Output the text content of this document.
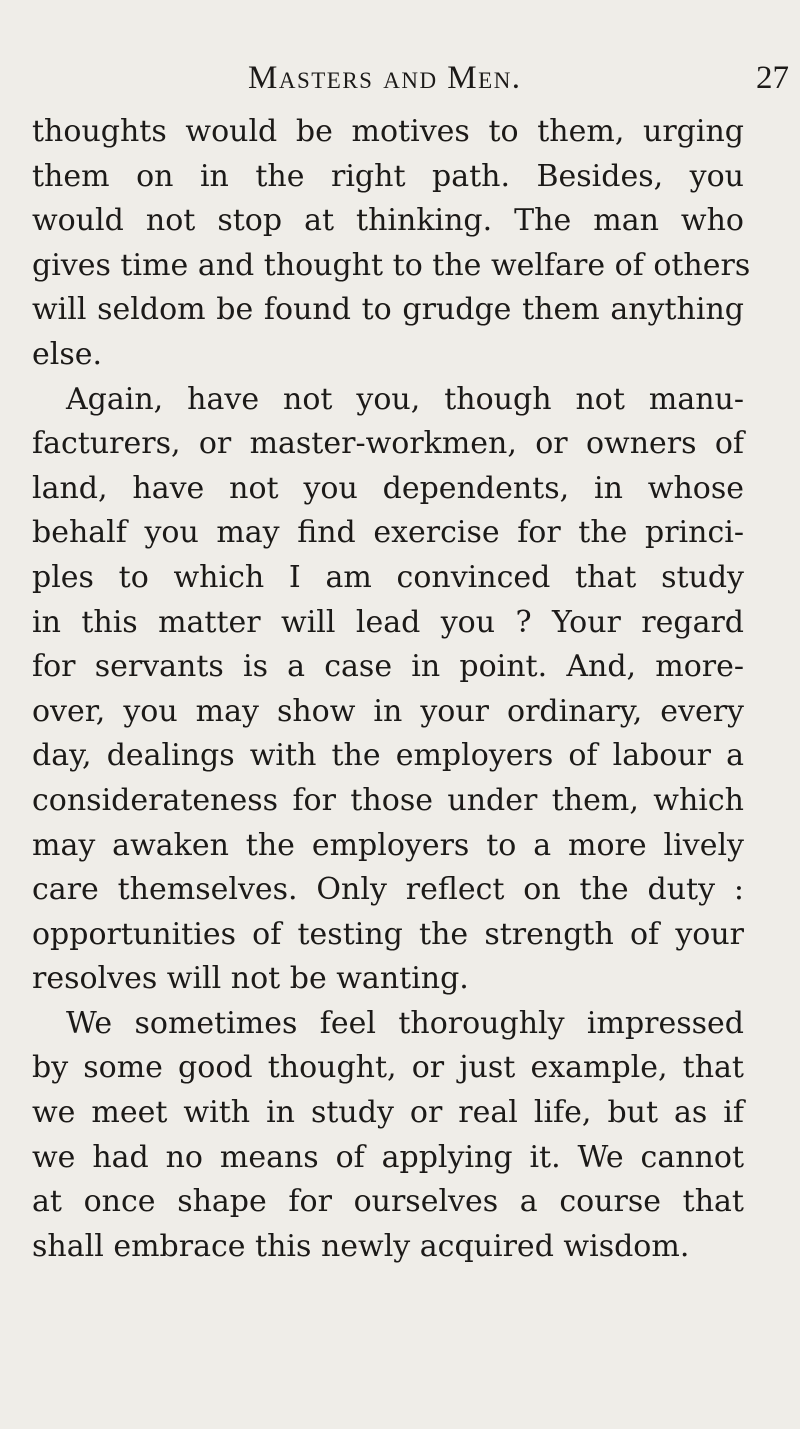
Masters and Men.	27
thoughts would be motives to them, urging
them on in the right path. Besides, you
would not stop at thinking. The man who
gives time and thought to the welfare of others
will seldom be found to grudge them anything
else.
Again, have not you, though not manu-
facturers, or master-workmen, or owners of
land, have not you dependents, in whose
behalf you may find exercise for the princi-
ples to which I am convinced that study
in this matter will lead you ? Your regard
for servants is a case in point. And, more-
over, you may show in your ordinary, every
day, dealings with the employers of labour a
considerateness for those under them, which
may awaken the employers to a more lively
care themselves. Only reflect on the duty :
opportunities of testing the strength of your
resolves will not be wanting.
We sometimes feel thoroughly impressed
by some good thought, or just example, that
we meet with in study or real life, but as if
we had no means of applying it. We cannot
at once shape for ourselves a course that
shall embrace this newly acquired wisdom.
